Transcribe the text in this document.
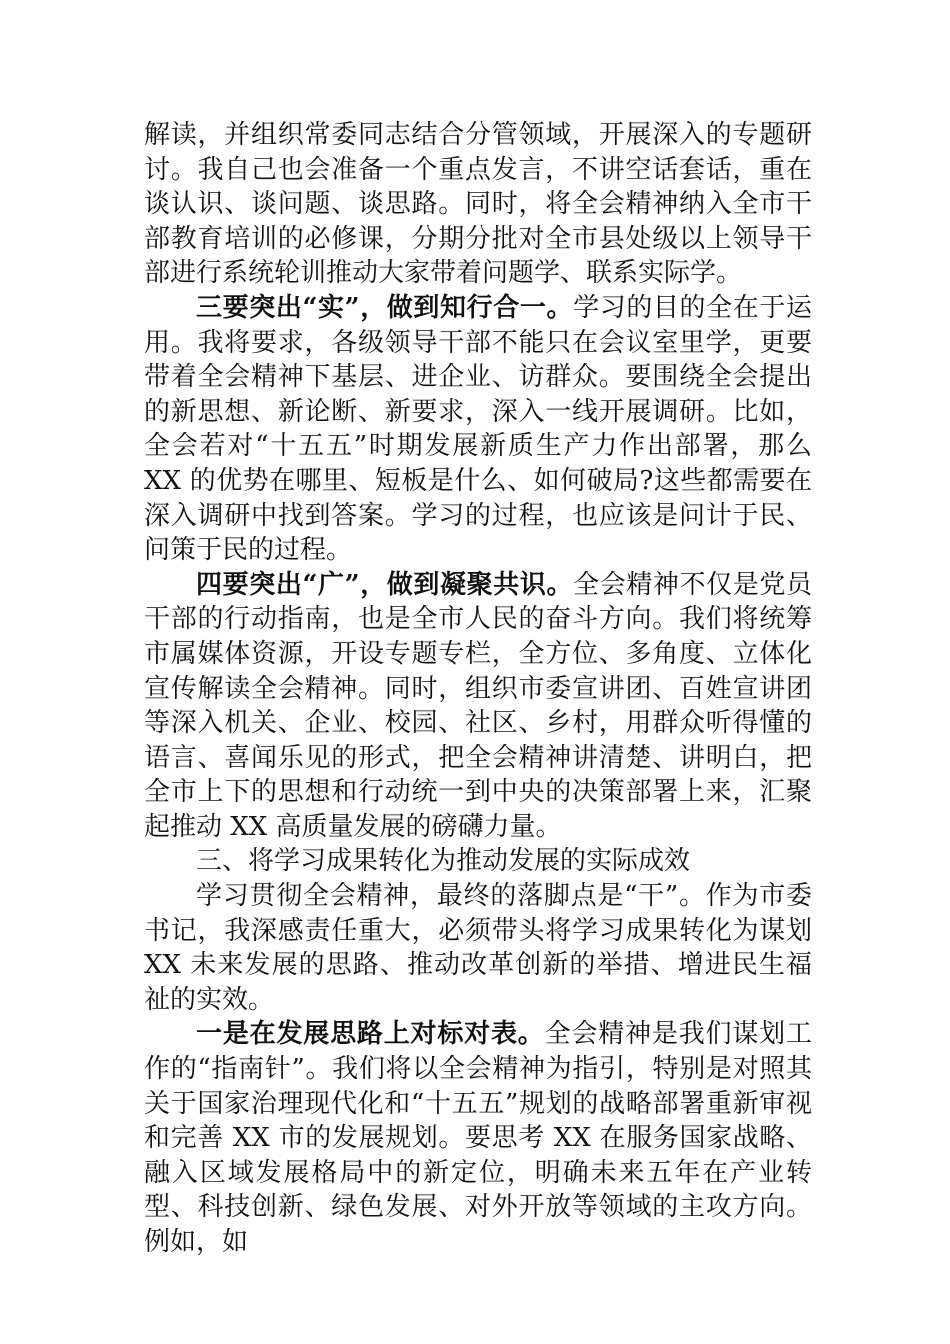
解读，并组织常委同志结合分管领域，开展深入的专题研讨。我自己也会准备一个重点发言，不讲空话套话，重在谈认识、谈问题、谈思路。同时，将全会精神纳入全市干部教育培训的必修课，分期分批对全市县处级以上领导干部进行系统轮训推动大家带着问题学、联系实际学。

三要突出“实”，做到知行合一。学习的目的全在于运用。我将要求，各级领导干部不能只在会议室里学，更要带着全会精神下基层、进企业、访群众。要围绕全会提出的新思想、新论断、新要求，深入一线开展调研。比如，全会若对“十五五”时期发展新质生产力作出部署，那么 XX 的优势在哪里、短板是什么、如何破局?这些都需要在深入调研中找到答案。学习的过程，也应该是问计于民、问策于民的过程。

四要突出“广”，做到凝聚共识。全会精神不仅是党员干部的行动指南，也是全市人民的奋斗方向。我们将统筹市属媒体资源，开设专题专栏，全方位、多角度、立体化宣传解读全会精神。同时，组织市委宣讲团、百姓宣讲团等深入机关、企业、校园、社区、乡村，用群众听得懂的语言、喜闻乐见的形式，把全会精神讲清楚、讲明白，把全市上下的思想和行动统一到中央的决策部署上来，汇聚起推动 XX 高质量发展的磅礴力量。

三、将学习成果转化为推动发展的实际成效

学习贯彻全会精神，最终的落脚点是“干”。作为市委书记，我深感责任重大，必须带头将学习成果转化为谋划 XX 未来发展的思路、推动改革创新的举措、增进民生福祉的实效。

一是在发展思路上对标对表。全会精神是我们谋划工作的“指南针”。我们将以全会精神为指引，特别是对照其关于国家治理现代化和“十五五”规划的战略部署重新审视和完善 XX 市的发展规划。要思考 XX 在服务国家战略、融入区域发展格局中的新定位，明确未来五年在产业转型、科技创新、绿色发展、对外开放等领域的主攻方向。例如，如
